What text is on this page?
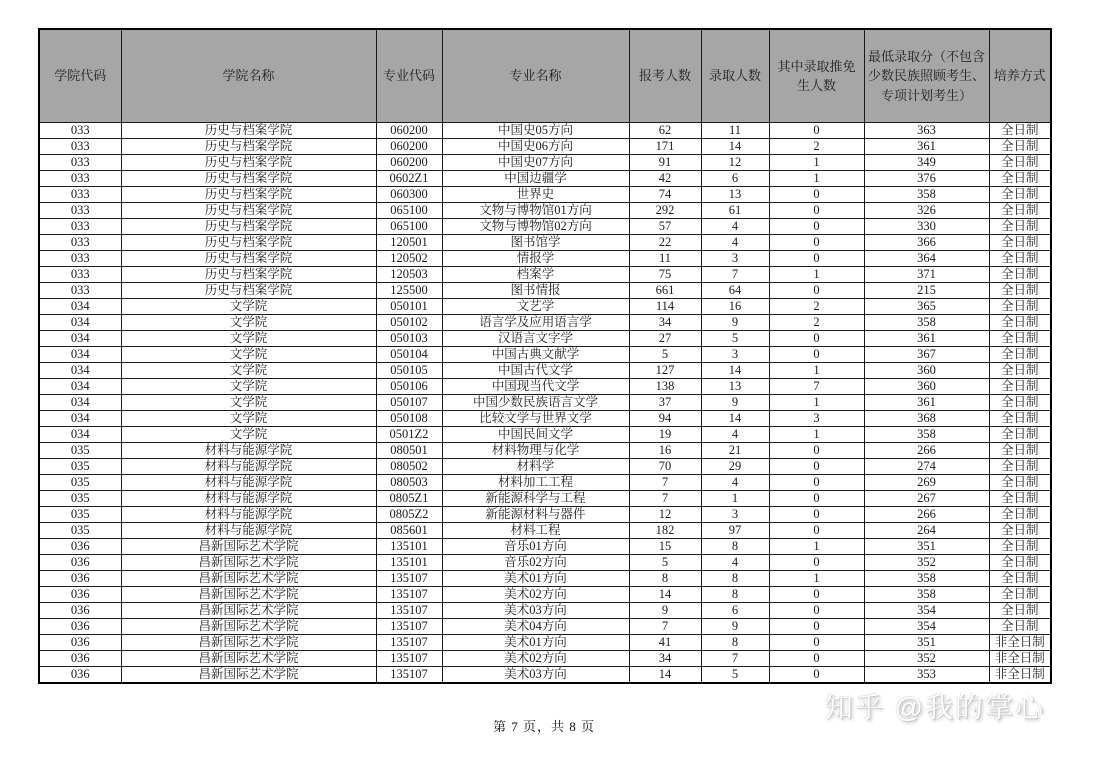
学院代码	学院名称	专业代码	专业名称	报考人数	录取人数	其中录取推免生人数	最低录取分（不包含少数民族照顾考生、专项计划考生）	培养方式
033	历史与档案学院	060200	中国史05方向	62	11	0	363	全日制
033	历史与档案学院	060200	中国史06方向	171	14	2	361	全日制
033	历史与档案学院	060200	中国史07方向	91	12	1	349	全日制
033	历史与档案学院	0602Z1	中国边疆学	42	6	1	376	全日制
033	历史与档案学院	060300	世界史	74	13	0	358	全日制
033	历史与档案学院	065100	文物与博物馆01方向	292	61	0	326	全日制
033	历史与档案学院	065100	文物与博物馆02方向	57	4	0	330	全日制
033	历史与档案学院	120501	图书馆学	22	4	0	366	全日制
033	历史与档案学院	120502	情报学	11	3	0	364	全日制
033	历史与档案学院	120503	档案学	75	7	1	371	全日制
033	历史与档案学院	125500	图书情报	661	64	0	215	全日制
034	文学院	050101	文艺学	114	16	2	365	全日制
034	文学院	050102	语言学及应用语言学	34	9	2	358	全日制
034	文学院	050103	汉语言文字学	27	5	0	361	全日制
034	文学院	050104	中国古典文献学	5	3	0	367	全日制
034	文学院	050105	中国古代文学	127	14	1	360	全日制
034	文学院	050106	中国现当代文学	138	13	7	360	全日制
034	文学院	050107	中国少数民族语言文学	37	9	1	361	全日制
034	文学院	050108	比较文学与世界文学	94	14	3	368	全日制
034	文学院	0501Z2	中国民间文学	19	4	1	358	全日制
035	材料与能源学院	080501	材料物理与化学	16	21	0	266	全日制
035	材料与能源学院	080502	材料学	70	29	0	274	全日制
035	材料与能源学院	080503	材料加工工程	7	4	0	269	全日制
035	材料与能源学院	0805Z1	新能源科学与工程	7	1	0	267	全日制
035	材料与能源学院	0805Z2	新能源材料与器件	12	3	0	266	全日制
035	材料与能源学院	085601	材料工程	182	97	0	264	全日制
036	昌新国际艺术学院	135101	音乐01方向	15	8	1	351	全日制
036	昌新国际艺术学院	135101	音乐02方向	5	4	0	352	全日制
036	昌新国际艺术学院	135107	美术01方向	8	8	1	358	全日制
036	昌新国际艺术学院	135107	美术02方向	14	8	0	358	全日制
036	昌新国际艺术学院	135107	美术03方向	9	6	0	354	全日制
036	昌新国际艺术学院	135107	美术04方向	7	9	0	354	全日制
036	昌新国际艺术学院	135107	美术01方向	41	8	0	351	非全日制
036	昌新国际艺术学院	135107	美术02方向	34	7	0	352	非全日制
036	昌新国际艺术学院	135107	美术03方向	14	5	0	353	非全日制
第 7 页，共 8 页
知乎 @我的掌心
